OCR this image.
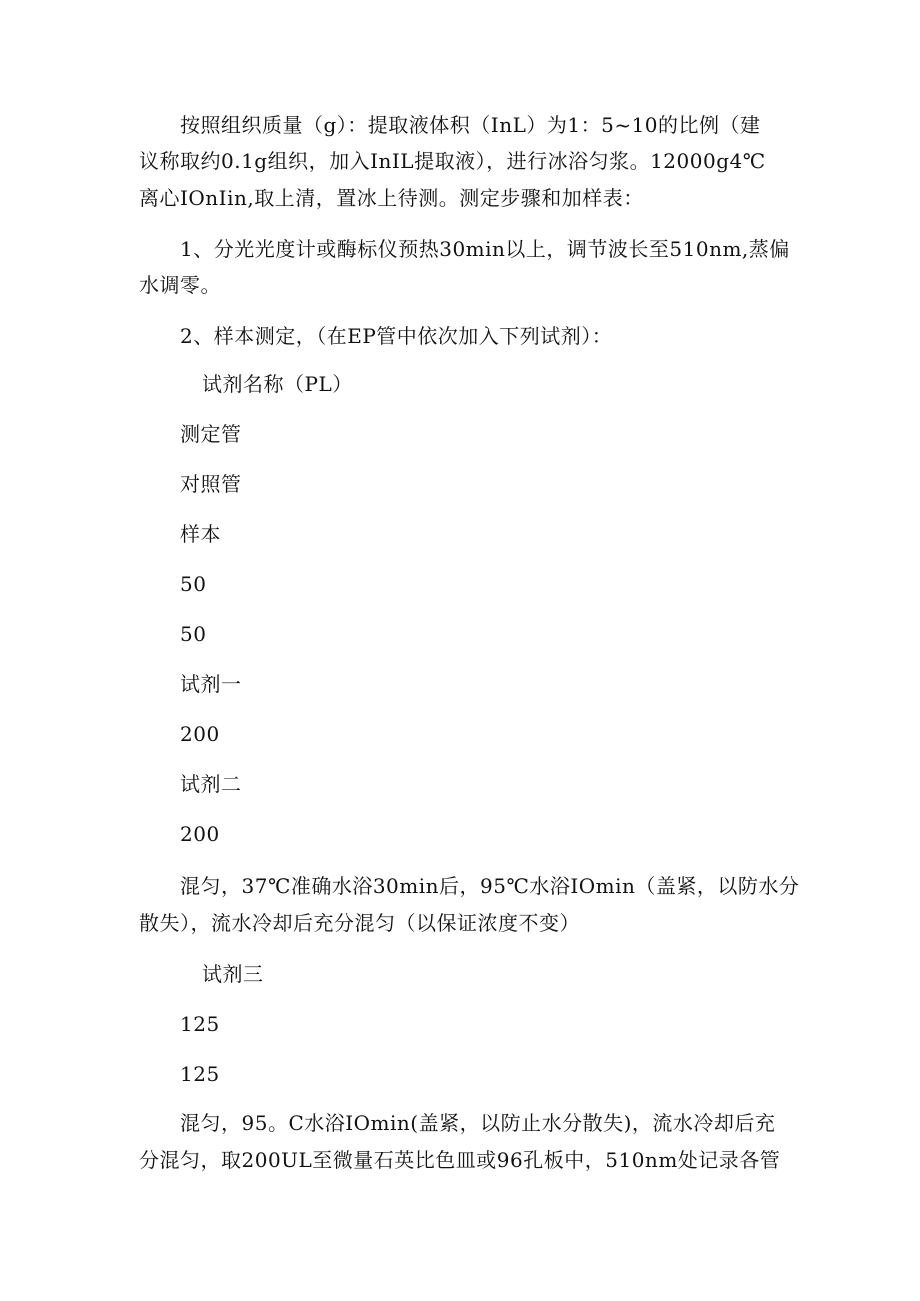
按照组织质量（g）：提取液体积（InL）为1：5~10的比例（建
议称取约0.1g组织，加入InIL提取液），进行冰浴匀浆。12000g4℃
离心IOnIin,取上清，置冰上待测。测定步骤和加样表：
1、分光光度计或酶标仪预热30min以上，调节波长至510nm,蒸偏
水调零。
2、样本测定，（在EP管中依次加入下列试剂）：
试剂名称（PL）
测定管
对照管
样本
50
50
试剂一
200
试剂二
200
混匀，37℃准确水浴30min后，95℃水浴IOmin（盖紧，以防水分
散失），流水冷却后充分混匀（以保证浓度不变）
试剂三
125
125
混匀，95。C水浴IOmin(盖紧，以防止水分散失)，流水冷却后充
分混匀，取200UL至微量石英比色皿或96孔板中，510nm处记录各管
